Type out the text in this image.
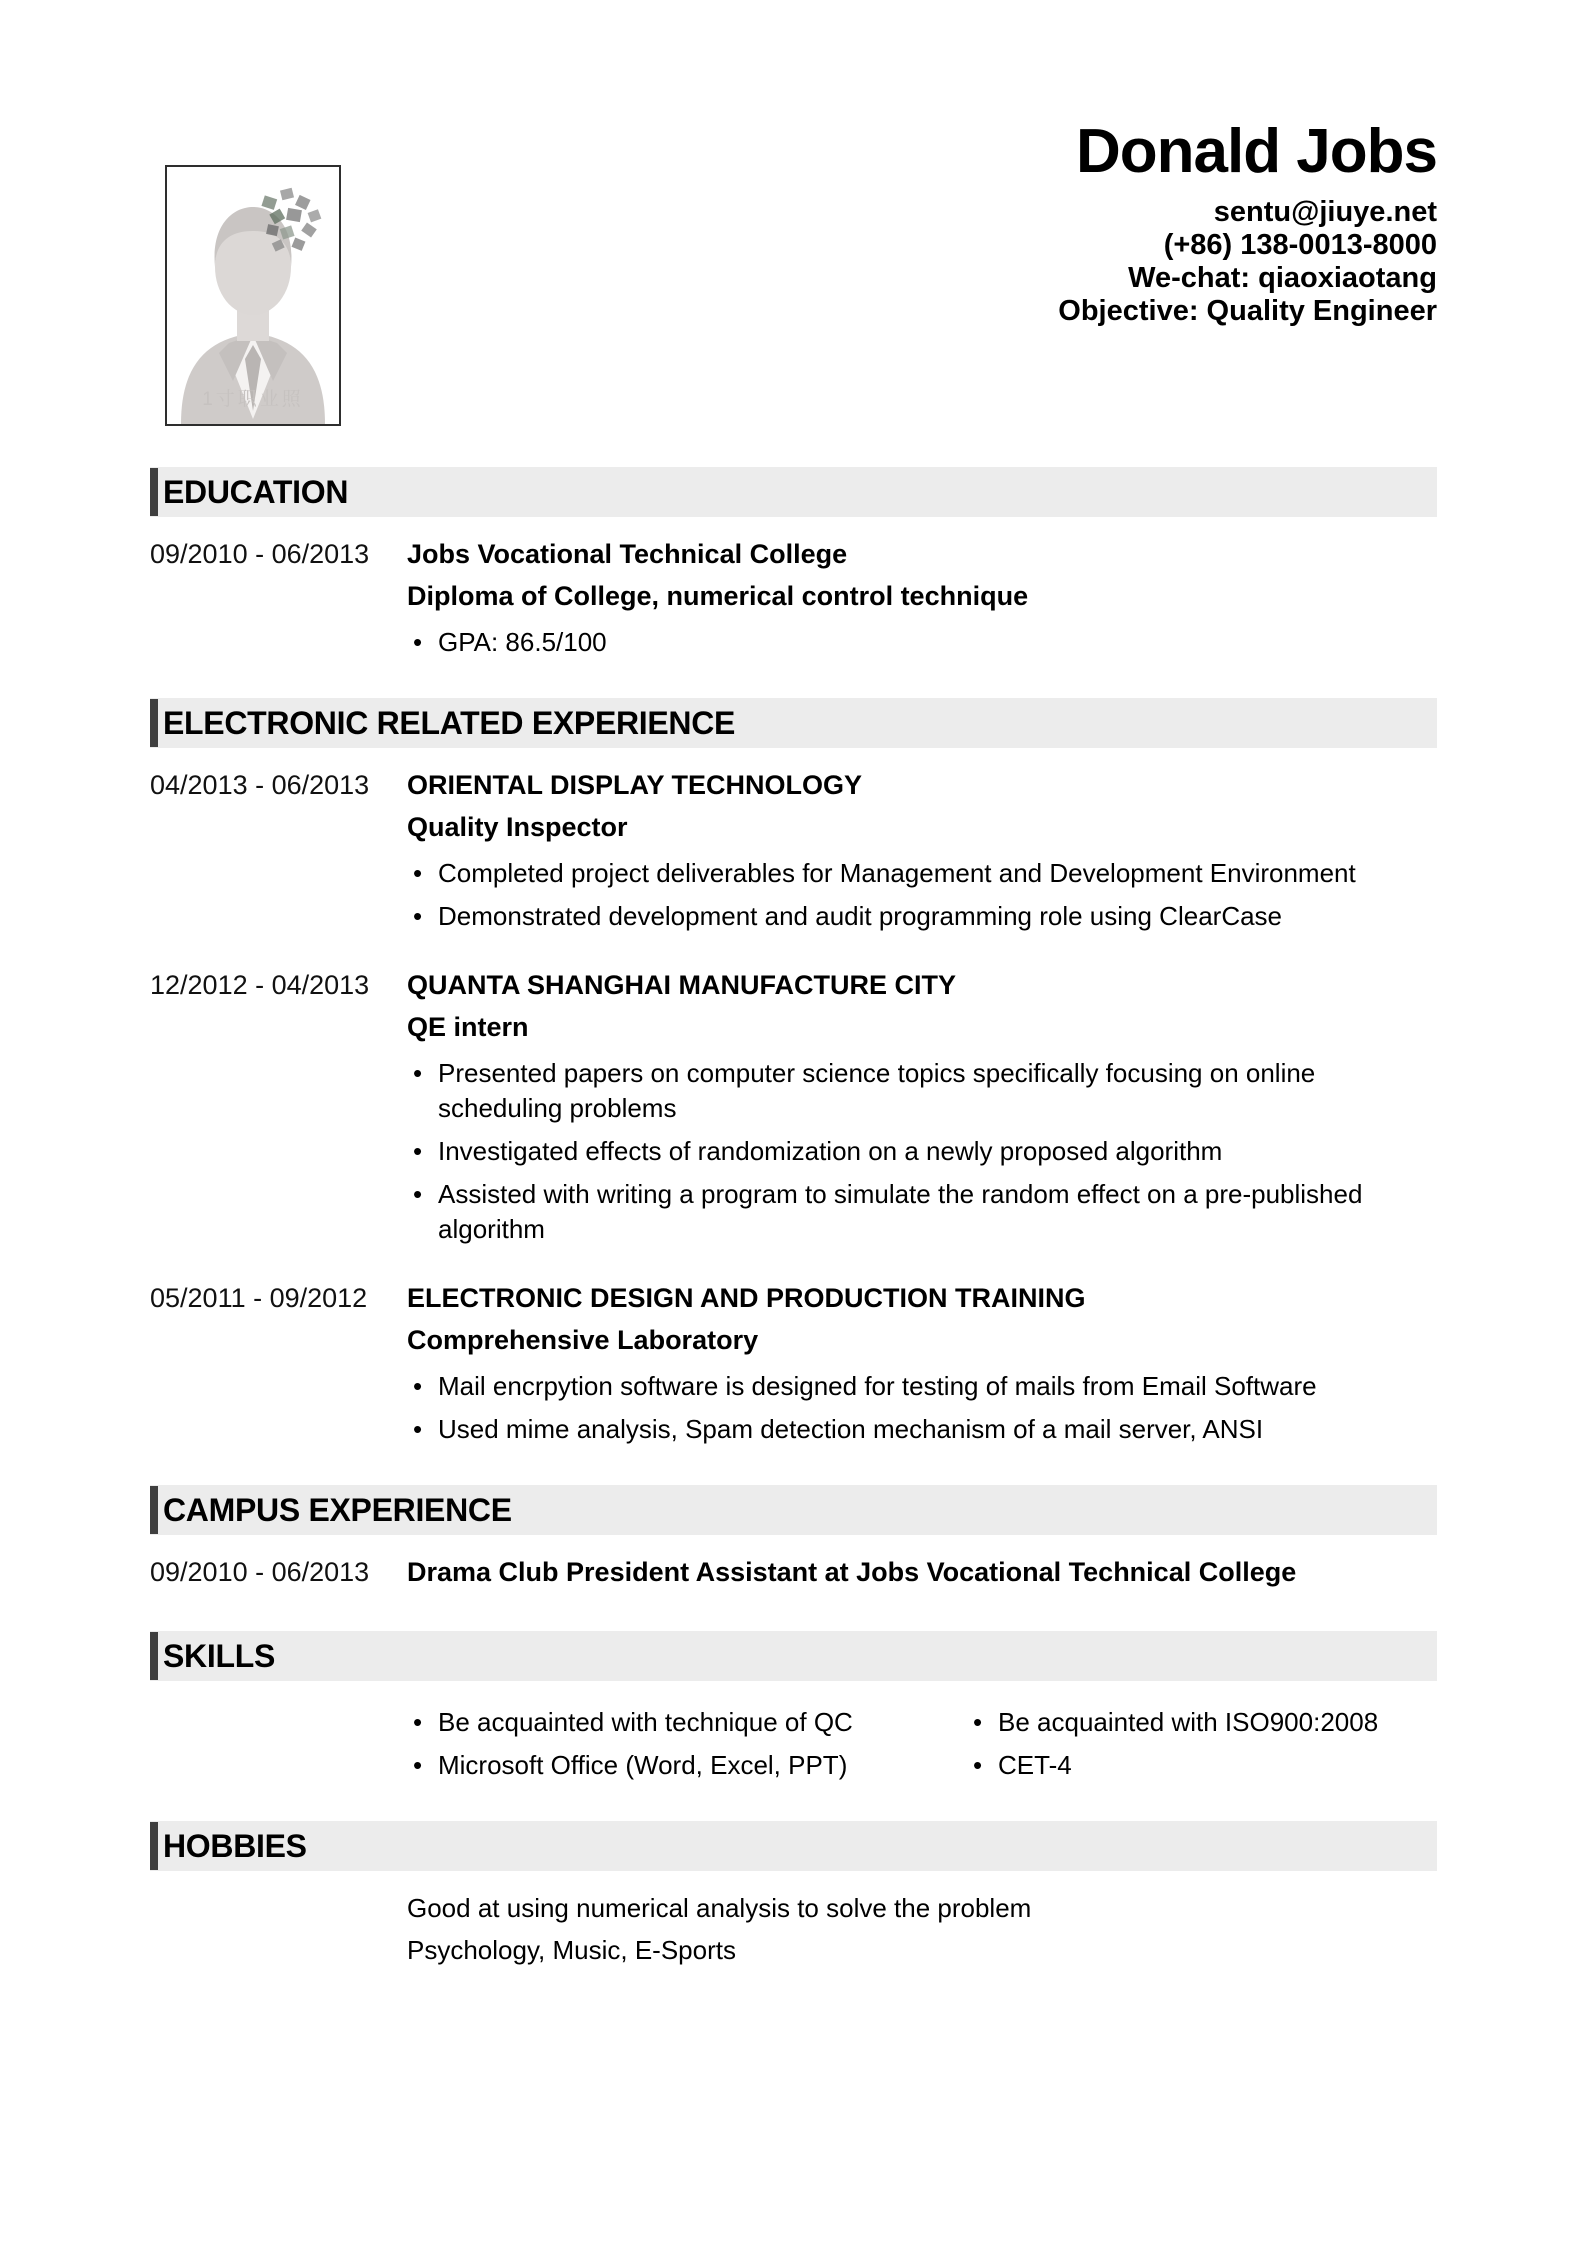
1寸职业照
Donald Jobs
sentu@jiuye.net
(+86) 138-0013-8000
We-chat: qiaoxiaotang
Objective: Quality Engineer
EDUCATION
09/2010 - 06/2013	Jobs Vocational Technical College
Diploma of College, numerical control technique
• GPA: 86.5/100
ELECTRONIC RELATED EXPERIENCE
04/2013 - 06/2013	ORIENTAL DISPLAY TECHNOLOGY
Quality Inspector
• Completed project deliverables for Management and Development Environment
• Demonstrated development and audit programming role using ClearCase
12/2012 - 04/2013	QUANTA SHANGHAI MANUFACTURE CITY
QE intern
• Presented papers on computer science topics specifically focusing on online scheduling problems
• Investigated effects of randomization on a newly proposed algorithm
• Assisted with writing a program to simulate the random effect on a pre-published algorithm
05/2011 - 09/2012	ELECTRONIC DESIGN AND PRODUCTION TRAINING
Comprehensive Laboratory
• Mail encrpytion software is designed for testing of mails from Email Software
• Used mime analysis, Spam detection mechanism of a mail server, ANSI
CAMPUS EXPERIENCE
09/2010 - 06/2013	Drama Club President Assistant at Jobs Vocational Technical College
SKILLS
• Be acquainted with technique of QC
• Microsoft Office (Word, Excel, PPT)
• Be acquainted with ISO900:2008
• CET-4
HOBBIES

Good at using numerical analysis to solve the problem

Psychology, Music, E-Sports
